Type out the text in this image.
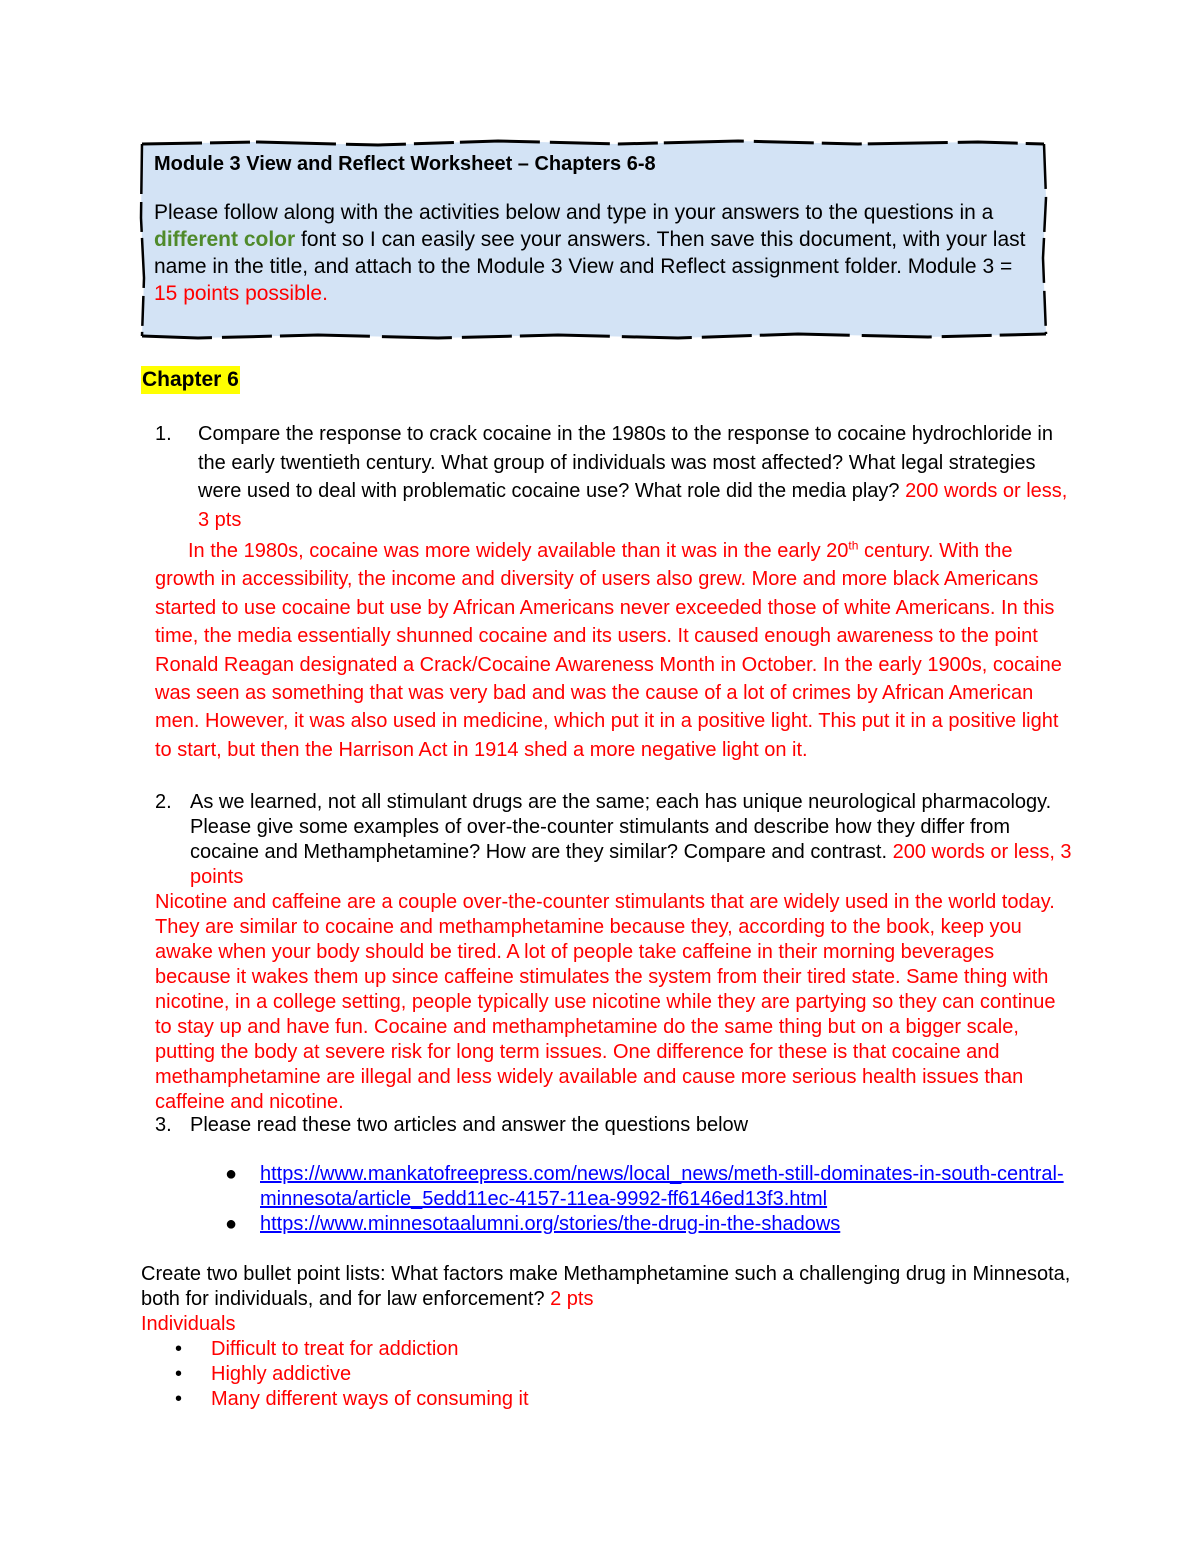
Module 3 View and Reflect Worksheet – Chapters 6-8
Please follow along with the activities below and type in your answers to the questions in a different color font so I can easily see your answers. Then save this document, with your last name in the title, and attach to the Module 3 View and Reflect assignment folder. Module 3 = 15 points possible.
Chapter 6
1. Compare the response to crack cocaine in the 1980s to the response to cocaine hydrochloride in the early twentieth century. What group of individuals was most affected? What legal strategies were used to deal with problematic cocaine use? What role did the media play? 200 words or less, 3 pts
In the 1980s, cocaine was more widely available than it was in the early 20th century. With the growth in accessibility, the income and diversity of users also grew. More and more black Americans started to use cocaine but use by African Americans never exceeded those of white Americans. In this time, the media essentially shunned cocaine and its users. It caused enough awareness to the point Ronald Reagan designated a Crack/Cocaine Awareness Month in October. In the early 1900s, cocaine was seen as something that was very bad and was the cause of a lot of crimes by African American men. However, it was also used in medicine, which put it in a positive light. This put it in a positive light to start, but then the Harrison Act in 1914 shed a more negative light on it.
2. As we learned, not all stimulant drugs are the same; each has unique neurological pharmacology. Please give some examples of over-the-counter stimulants and describe how they differ from cocaine and Methamphetamine? How are they similar? Compare and contrast. 200 words or less, 3 points
Nicotine and caffeine are a couple over-the-counter stimulants that are widely used in the world today. They are similar to cocaine and methamphetamine because they, according to the book, keep you awake when your body should be tired. A lot of people take caffeine in their morning beverages because it wakes them up since caffeine stimulates the system from their tired state. Same thing with nicotine, in a college setting, people typically use nicotine while they are partying so they can continue to stay up and have fun. Cocaine and methamphetamine do the same thing but on a bigger scale, putting the body at severe risk for long term issues. One difference for these is that cocaine and methamphetamine are illegal and less widely available and cause more serious health issues than caffeine and nicotine.
3. Please read these two articles and answer the questions below
● https://www.mankatofreepress.com/news/local_news/meth-still-dominates-in-south-central-minnesota/article_5edd11ec-4157-11ea-9992-ff6146ed13f3.html
● https://www.minnesotaalumni.org/stories/the-drug-in-the-shadows
Create two bullet point lists: What factors make Methamphetamine such a challenging drug in Minnesota, both for individuals, and for law enforcement? 2 pts
Individuals
• Difficult to treat for addiction
• Highly addictive
• Many different ways of consuming it
